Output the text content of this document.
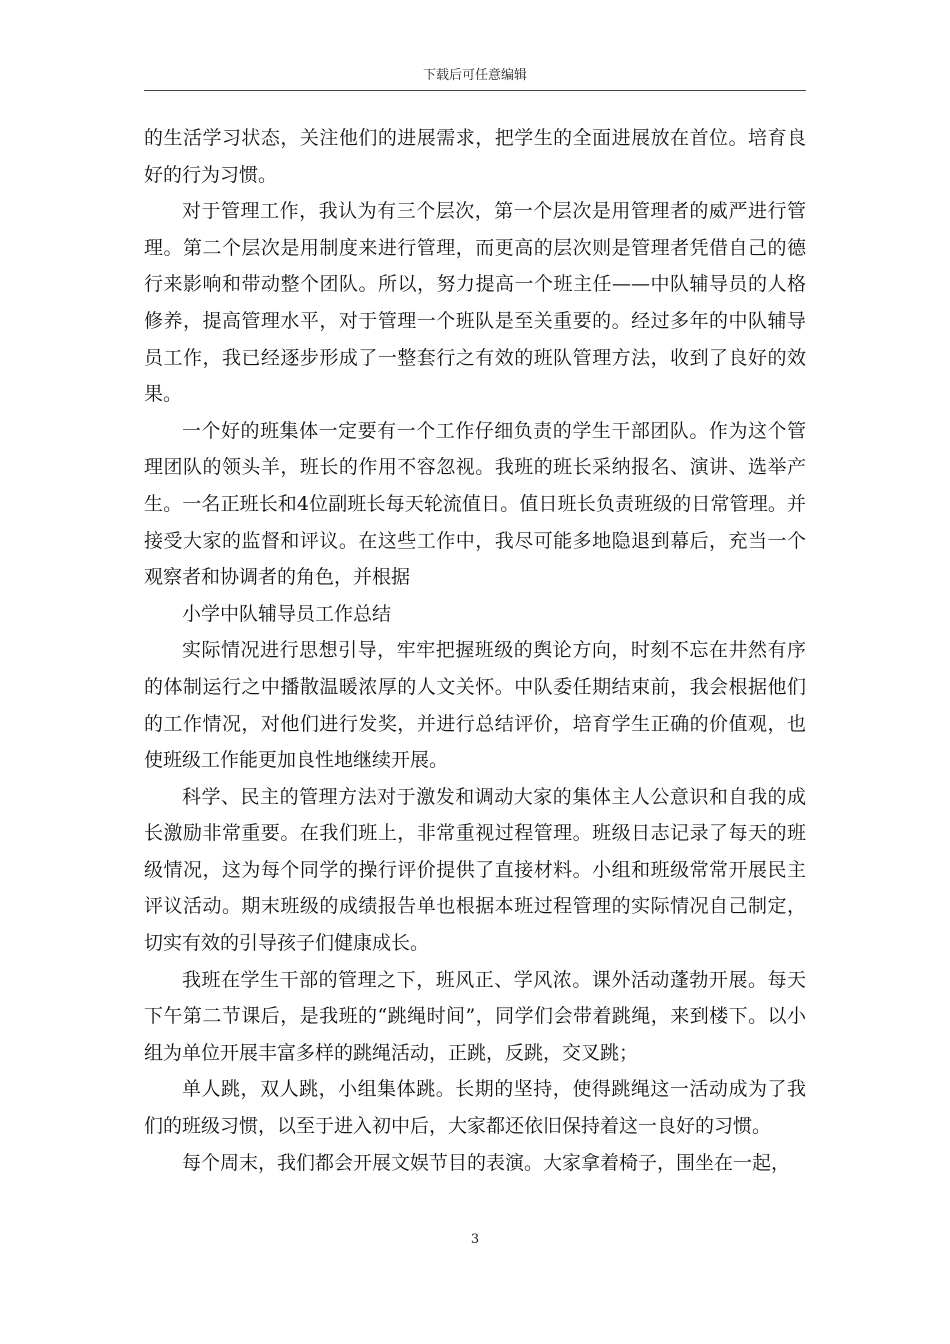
下载后可任意编辑

的生活学习状态，关注他们的进展需求，把学生的全面进展放在首位。培育良好的行为习惯。

对于管理工作，我认为有三个层次，第一个层次是用管理者的威严进行管理。第二个层次是用制度来进行管理，而更高的层次则是管理者凭借自己的德行来影响和带动整个团队。所以，努力提高一个班主任——中队辅导员的人格修养，提高管理水平，对于管理一个班队是至关重要的。经过多年的中队辅导员工作，我已经逐步形成了一整套行之有效的班队管理方法，收到了良好的效果。

一个好的班集体一定要有一个工作仔细负责的学生干部团队。作为这个管理团队的领头羊，班长的作用不容忽视。我班的班长采纳报名、演讲、选举产生。一名正班长和4位副班长每天轮流值日。值日班长负责班级的日常管理。并接受大家的监督和评议。在这些工作中，我尽可能多地隐退到幕后，充当一个观察者和协调者的角色，并根据

小学中队辅导员工作总结

实际情况进行思想引导，牢牢把握班级的舆论方向，时刻不忘在井然有序的体制运行之中播散温暖浓厚的人文关怀。中队委任期结束前，我会根据他们的工作情况，对他们进行发奖，并进行总结评价，培育学生正确的价值观，也使班级工作能更加良性地继续开展。

科学、民主的管理方法对于激发和调动大家的集体主人公意识和自我的成长激励非常重要。在我们班上，非常重视过程管理。班级日志记录了每天的班级情况，这为每个同学的操行评价提供了直接材料。小组和班级常常开展民主评议活动。期末班级的成绩报告单也根据本班过程管理的实际情况自己制定，切实有效的引导孩子们健康成长。

我班在学生干部的管理之下，班风正、学风浓。课外活动蓬勃开展。每天下午第二节课后，是我班的“跳绳时间”，同学们会带着跳绳，来到楼下。以小组为单位开展丰富多样的跳绳活动，正跳，反跳，交叉跳；

单人跳，双人跳，小组集体跳。长期的坚持，使得跳绳这一活动成为了我们的班级习惯，以至于进入初中后，大家都还依旧保持着这一良好的习惯。

每个周末，我们都会开展文娱节目的表演。大家拿着椅子，围坐在一起，

3
